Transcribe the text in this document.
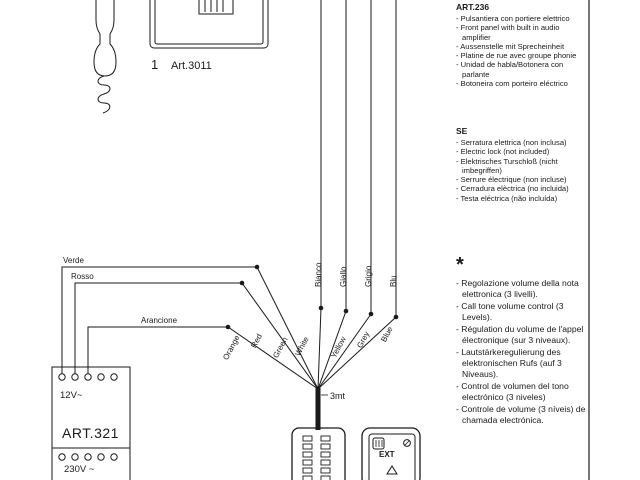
Verde
Rosso
Arancione
Bianco Giallo Grigio Blu
Orange Red Green White Yellow Grey Blue
1 Art.3011
3mt
12V~
ART.321
230V ~
EXT
ART.236
- Pulsantiera con portiere elettrico
- Front panel with built in audio amplifier
- Aussenstelle mit Sprecheinheit
- Platine de rue avec groupe phonie
- Unidad de habla/Botonera con parlante
- Botoneira com porteiro eléctrico
SE
- Serratura elettrica (non inclusa)
- Electric lock (not included)
- Elektrisches Turschloß (nicht imbegriffen)
- Serrure électrique (non incluse)
- Cerradura elèctrica (no incluida)
- Testa eléctrica (não incluída)
*
- Regolazione volume della nota elettronica (3 livelli).
- Call tone volume control (3 Levels).
- Régulation du volume de l'appel électronique (sur 3 niveaux).
- Lautstärkeregulierung des elektronischen Rufs (auf 3 Niveaus).
- Control de volumen del tono electrónico (3 niveles)
- Controle de volume (3 níveis) de chamada electrónica.
